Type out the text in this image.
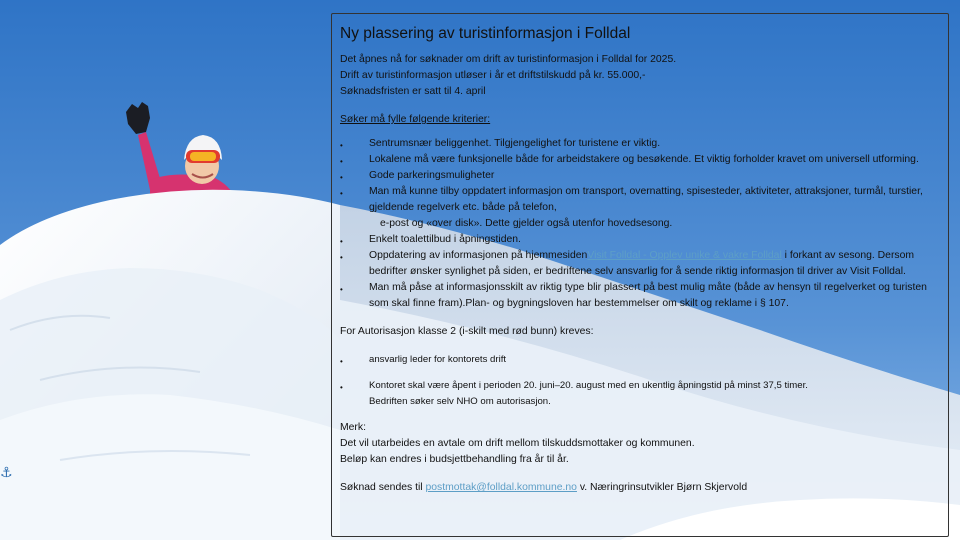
⚓
Ny plassering av turistinformasjon i Folldal

Det åpnes nå for søknader om drift av turistinformasjon i Folldal for 2025.

Drift av turistinformasjon utløser i år et driftstilskudd på kr. 55.000,-

Søknadsfristen er satt til 4. april

Søker må fylle følgende kriterier:

• Sentrumsnær beliggenhet. Tilgjengelighet for turistene er viktig.
• Lokalene må være funksjonelle både for arbeidstakere og besøkende. Et viktig forholder kravet om universell utforming.
• Gode parkeringsmuligheter
• Man må kunne tilby oppdatert informasjon om transport, overnatting, spisesteder, aktiviteter, attraksjoner, turmål, turstier, gjeldende regelverk etc. både på telefon,
e-post og «over disk». Dette gjelder også utenfor hovedsesong.
• Enkelt toalettilbud i åpningstiden.
• Oppdatering av informasjonen på hjemmesidenVisit Folldal - Opplev unike & vakre Folldal i forkant av sesong. Dersom bedrifter ønsker synlighet på siden, er bedriftene selv ansvarlig for å sende riktig informasjon til driver av Visit Folldal.
• Man må påse at informasjonsskilt av riktig type blir plassert på best mulig måte (både av hensyn til regelverket og turisten som skal finne fram).Plan- og bygningsloven har bestemmelser om skilt og reklame i § 107.

For Autorisasjon klasse 2 (i-skilt med rød bunn) kreves:

• ansvarlig leder for kontorets drift
• Kontoret skal være åpent i perioden 20. juni–20. august med en ukentlig åpningstid på minst 37,5 timer.
Bedriften søker selv NHO om autorisasjon.

Merk:

Det vil utarbeides en avtale om drift mellom tilskuddsmottaker og kommunen.

Beløp kan endres i budsjettbehandling fra år til år.

Søknad sendes til postmottak@folldal.kommune.no v. Næringrinsutvikler Bjørn Skjervold
